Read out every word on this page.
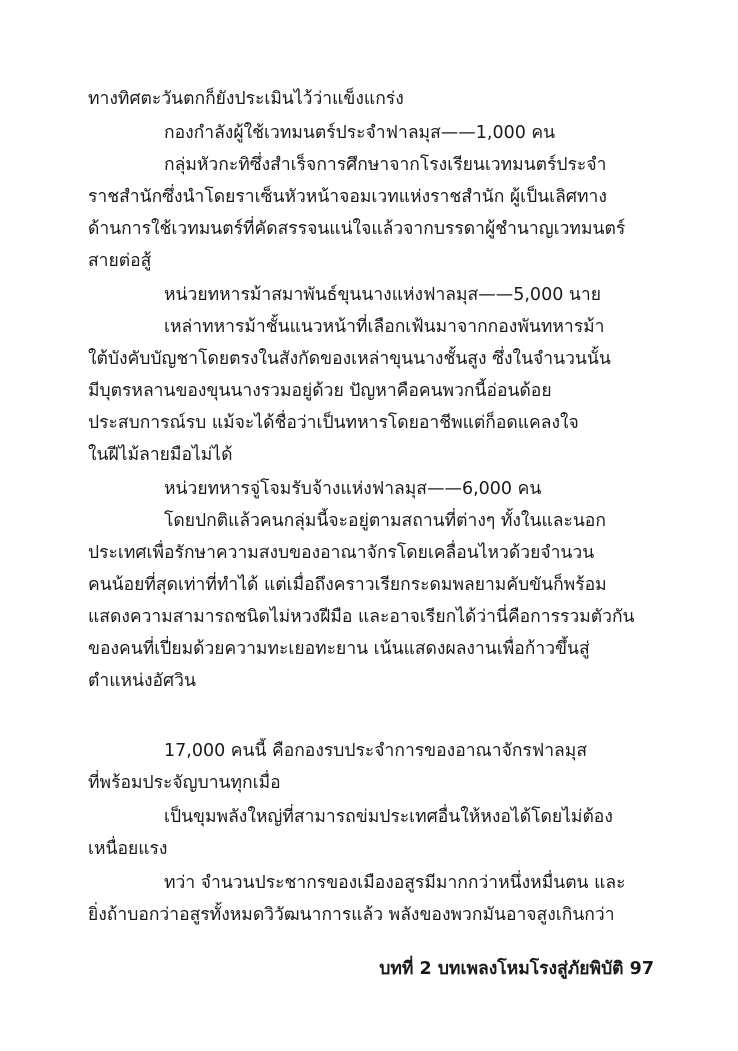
ทางทิศตะวันตกก็ยังประเมินไว้ว่าแข็งแกร่ง
กองกำลังผู้ใช้เวทมนตร์ประจำฟาลมุส——1,000 คน
กลุ่มหัวกะทิซึ่งสำเร็จการศึกษาจากโรงเรียนเวทมนตร์ประจำ
ราชสำนักซึ่งนำโดยราเซ็นหัวหน้าจอมเวทแห่งราชสำนัก ผู้เป็นเลิศทาง
ด้านการใช้เวทมนตร์ที่คัดสรรจนแน่ใจแล้วจากบรรดาผู้ชำนาญเวทมนตร์
สายต่อสู้
หน่วยทหารม้าสมาพันธ์ขุนนางแห่งฟาลมุส——5,000 นาย
เหล่าทหารม้าชั้นแนวหน้าที่เลือกเฟ้นมาจากกองพันทหารม้า
ใต้บังคับบัญชาโดยตรงในสังกัดของเหล่าขุนนางชั้นสูง ซึ่งในจำนวนนั้น
มีบุตรหลานของขุนนางรวมอยู่ด้วย ปัญหาคือคนพวกนี้อ่อนด้อย
ประสบการณ์รบ แม้จะได้ชื่อว่าเป็นทหารโดยอาชีพแต่ก็อดแคลงใจ
ในฝีไม้ลายมือไม่ได้
หน่วยทหารจู่โจมรับจ้างแห่งฟาลมุส——6,000 คน
โดยปกติแล้วคนกลุ่มนี้จะอยู่ตามสถานที่ต่างๆ ทั้งในและนอก
ประเทศเพื่อรักษาความสงบของอาณาจักรโดยเคลื่อนไหวด้วยจำนวน
คนน้อยที่สุดเท่าที่ทำได้ แต่เมื่อถึงคราวเรียกระดมพลยามคับขันก็พร้อม
แสดงความสามารถชนิดไม่หวงฝีมือ และอาจเรียกได้ว่านี่คือการรวมตัวกัน
ของคนที่เปี่ยมด้วยความทะเยอทะยาน เน้นแสดงผลงานเพื่อก้าวขึ้นสู่
ตำแหน่งอัศวิน
17,000 คนนี้ คือกองรบประจำการของอาณาจักรฟาลมุส
ที่พร้อมประจัญบานทุกเมื่อ
เป็นขุมพลังใหญ่ที่สามารถข่มประเทศอื่นให้หงอได้โดยไม่ต้อง
เหนื่อยแรง
ทว่า จำนวนประชากรของเมืองอสูรมีมากกว่าหนึ่งหมื่นตน และ
ยิ่งถ้าบอกว่าอสูรทั้งหมดวิวัฒนาการแล้ว พลังของพวกมันอาจสูงเกินกว่า
บทที่ 2 บทเพลงโหมโรงสู่ภัยพิบัติ 97
